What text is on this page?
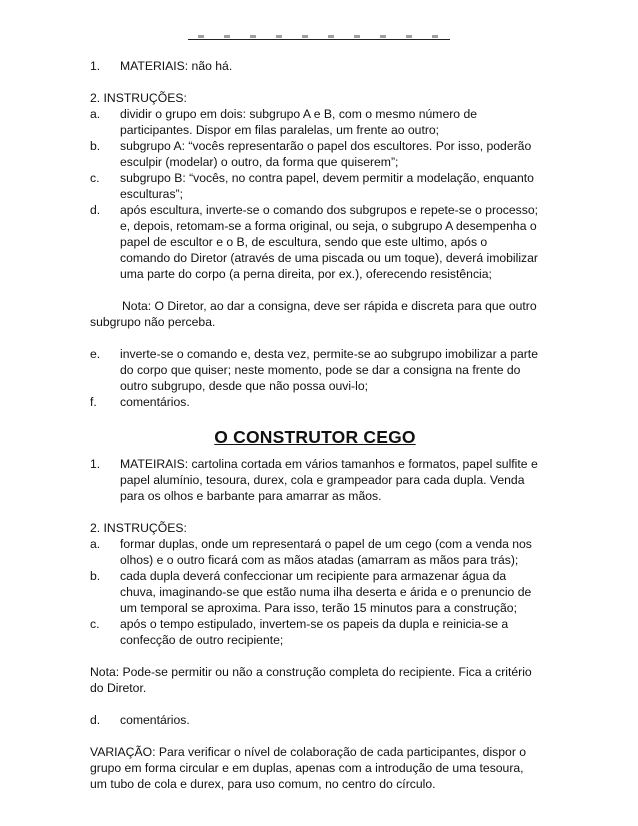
1. MATERIAIS: não há.

2. INSTRUÇÕES:

a. dividir o grupo em dois: subgrupo A e B, com o mesmo número de participantes. Dispor em filas paralelas, um frente ao outro;
b. subgrupo A: “vocês representarão o papel dos escultores. Por isso, poderão esculpir (modelar) o outro, da forma que quiserem”;
c. subgrupo B: “vocês, no contra papel, devem permitir a modelação, enquanto esculturas”;
d. após escultura, inverte-se o comando dos subgrupos e repete-se o processo; e, depois, retomam-se a forma original, ou seja, o subgrupo A desempenha o papel de escultor e o B, de escultura, sendo que este ultimo, após o comando do Diretor (através de uma piscada ou um toque), deverá imobilizar uma parte do corpo (a perna direita, por ex.), oferecendo resistência;

Nota: O Diretor, ao dar a consigna, deve ser rápida e discreta para que outro subgrupo não perceba.

e. inverte-se o comando e, desta vez, permite-se ao subgrupo imobilizar a parte do corpo que quiser; neste momento, pode se dar a consigna na frente do outro subgrupo, desde que não possa ouvi-lo;
f. comentários.
O CONSTRUTOR CEGO
1. MATEIRAIS: cartolina cortada em vários tamanhos e formatos, papel sulfite e papel alumínio, tesoura, durex, cola e grampeador para cada dupla. Venda para os olhos e barbante para amarrar as mãos.

2. INSTRUÇÕES:

a. formar duplas, onde um representará o papel de um cego (com a venda nos olhos) e o outro ficará com as mãos atadas (amarram as mãos para trás);
b. cada dupla deverá confeccionar um recipiente para armazenar água da chuva, imaginando-se que estão numa ilha deserta e árida e o prenuncio de um temporal se aproxima. Para isso, terão 15 minutos para a construção;
c. após o tempo estipulado, invertem-se os papeis da dupla e reinicia-se a confecção de outro recipiente;

Nota: Pode-se permitir ou não a construção completa do recipiente. Fica a critério do Diretor.

d. comentários.

VARIAÇÃO: Para verificar o nível de colaboração de cada participantes, dispor o grupo em forma circular e em duplas, apenas com a introdução de uma tesoura, um tubo de cola e durex, para uso comum, no centro do círculo.
